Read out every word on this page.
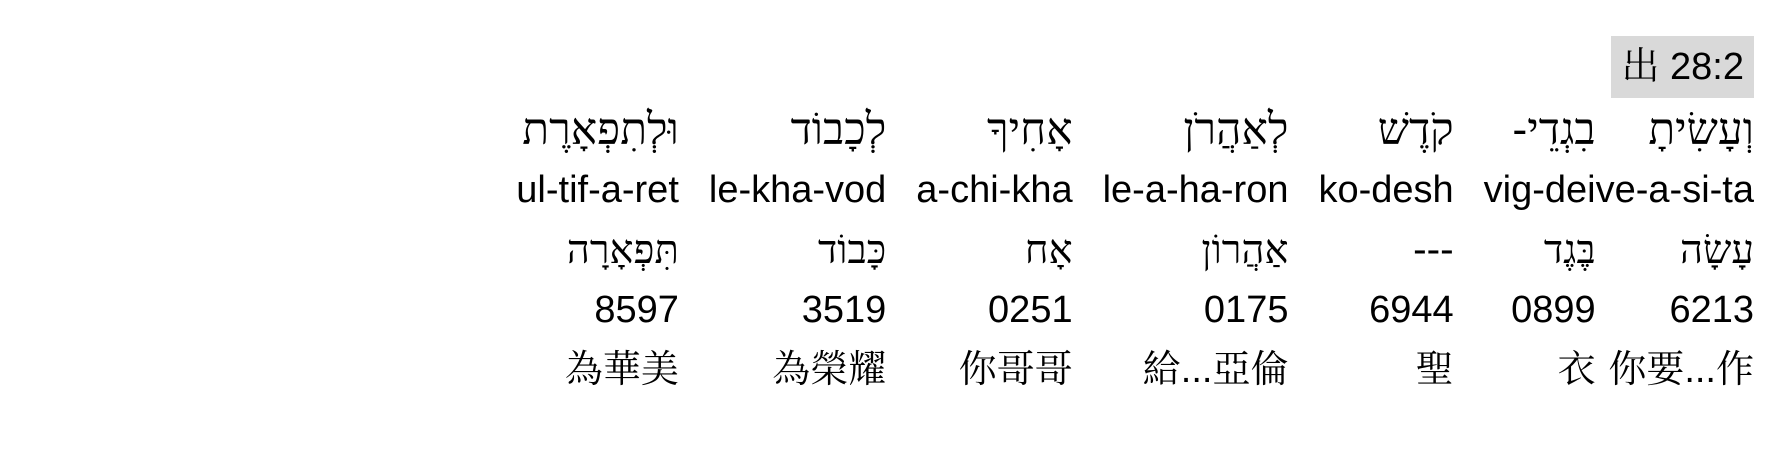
出 28:2
וְעָשִׂיתָ
ve-a-si-ta
עָשָׂה
6213
你要...作
בִגְדֵי-
vig-dei
בֶּגֶד
0899
衣
קֹדֶשׁ
ko-desh
---
6944
聖
לְאַהֲרֹן
le-a-ha-ron
אַהֲרוֹן
0175
給...亞倫
אָחִיךָ
a-chi-kha
אָח
0251
你哥哥
לְכָבוֹד
le-kha-vod
כָּבוֹד
3519
為榮耀
וּלְתִפְאָרֶת
ul-tif-a-ret
תִּפְאָרָה
8597
為華美
